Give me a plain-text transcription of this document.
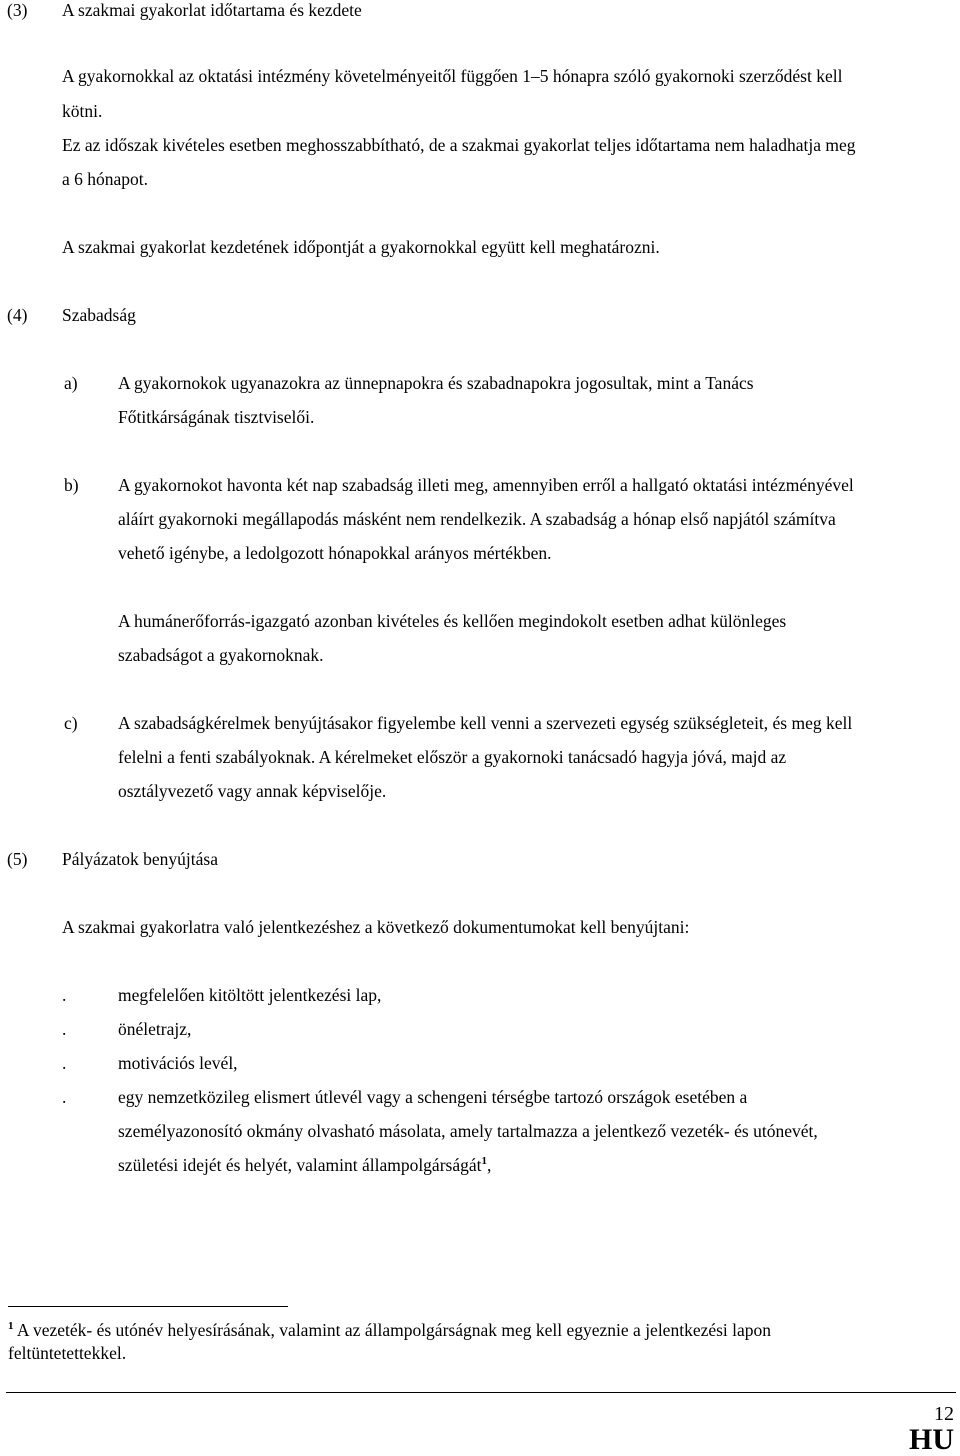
(3) A szakmai gyakorlat időtartama és kezdete
A gyakornokkal az oktatási intézmény követelményeitől függően 1–5 hónapra szóló gyakornoki szerződést kell
kötni.
Ez az időszak kivételes esetben meghosszabbítható, de a szakmai gyakorlat teljes időtartama nem haladhatja meg
a 6 hónapot.
A szakmai gyakorlat kezdetének időpontját a gyakornokkal együtt kell meghatározni.
(4) Szabadság
a) A gyakornokok ugyanazokra az ünnepnapokra és szabadnapokra jogosultak, mint a Tanács
Főtitkárságának tisztviselői.
b) A gyakornokot havonta két nap szabadság illeti meg, amennyiben erről a hallgató oktatási intézményével
aláírt gyakornoki megállapodás másként nem rendelkezik. A szabadság a hónap első napjától számítva
vehető igénybe, a ledolgozott hónapokkal arányos mértékben.
A humánerőforrás-igazgató azonban kivételes és kellően megindokolt esetben adhat különleges
szabadságot a gyakornoknak.
c) A szabadságkérelmek benyújtásakor figyelembe kell venni a szervezeti egység szükségleteit, és meg kell
felelni a fenti szabályoknak. A kérelmeket először a gyakornoki tanácsadó hagyja jóvá, majd az
osztályvezető vagy annak képviselője.
(5) Pályázatok benyújtása
A szakmai gyakorlatra való jelentkezéshez a következő dokumentumokat kell benyújtani:
.	megfelelően kitöltött jelentkezési lap,
.	önéletrajz,
.	motivációs levél,
.	egy nemzetközileg elismert útlevél vagy a schengeni térségbe tartozó országok esetében a
személyazonosító okmány olvasható másolata, amely tartalmazza a jelentkező vezeték- és utónevét,
születési idejét és helyét, valamint állampolgárságát$^1$,
$^1$ A vezeték- és utónév helyesírásának, valamint az állampolgárságnak meg kell egyeznie a jelentkezési lapon
feltüntetettekkel.
12
HU
